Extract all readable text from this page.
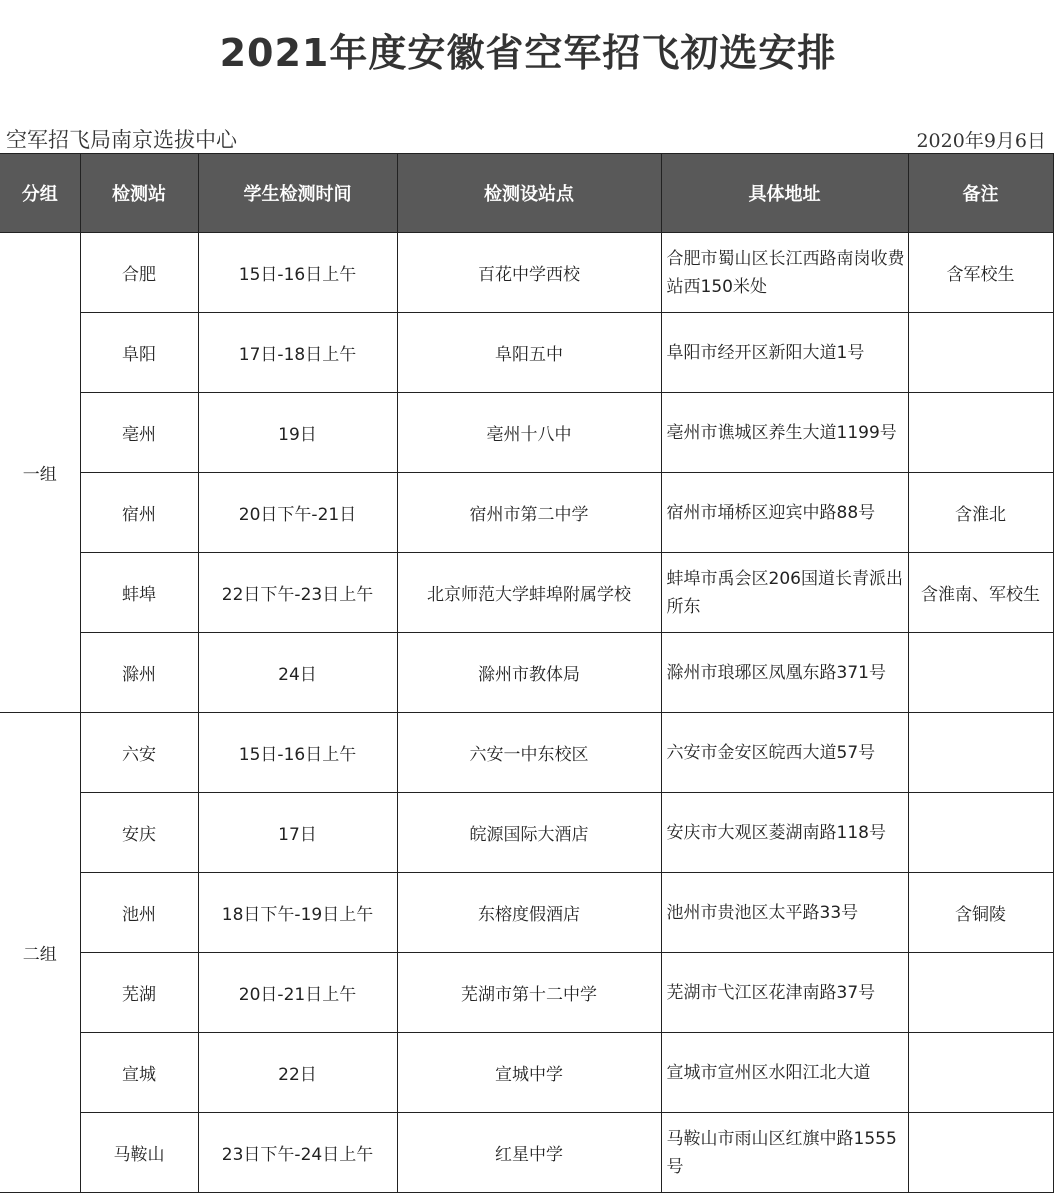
2021年度安徽省空军招飞初选安排
空军招飞局南京选拔中心	2020年9月6日
分组	检测站	学生检测时间	检测设站点	具体地址	备注
一组	合肥	15日-16日上午	百花中学西校	合肥市蜀山区长江西路南岗收费站西150米处	含军校生
	阜阳	17日-18日上午	阜阳五中	阜阳市经开区新阳大道1号	
	亳州	19日	亳州十八中	亳州市谯城区养生大道1199号	
	宿州	20日下午-21日	宿州市第二中学	宿州市埇桥区迎宾中路88号	含淮北
	蚌埠	22日下午-23日上午	北京师范大学蚌埠附属学校	蚌埠市禹会区206国道长青派出所东	含淮南、军校生
	滁州	24日	滁州市教体局	滁州市琅琊区凤凰东路371号	
二组	六安	15日-16日上午	六安一中东校区	六安市金安区皖西大道57号	
	安庆	17日	皖源国际大酒店	安庆市大观区菱湖南路118号	
	池州	18日下午-19日上午	东榕度假酒店	池州市贵池区太平路33号	含铜陵
	芜湖	20日-21日上午	芜湖市第十二中学	芜湖市弋江区花津南路37号	
	宣城	22日	宣城中学	宣城市宣州区水阳江北大道	
	马鞍山	23日下午-24日上午	红星中学	马鞍山市雨山区红旗中路1555号	
